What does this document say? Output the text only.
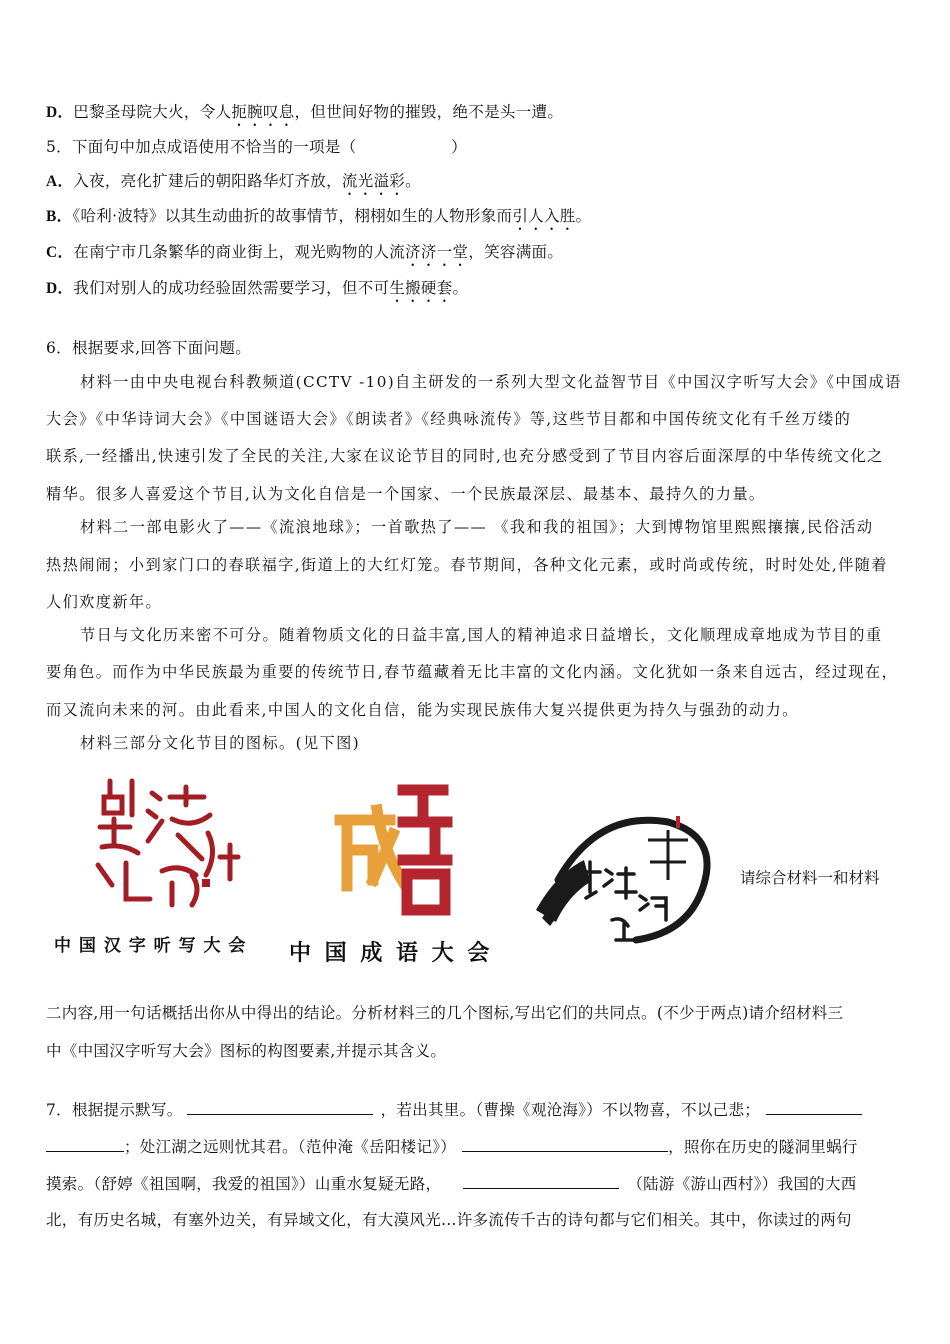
D．巴黎圣母院大火，令人扼腕叹息，但世间好物的摧毁，绝不是头一遭。
5．下面句中加点成语使用不恰当的一项是（　　　　　　）
A．入夜，亮化扩建后的朝阳路华灯齐放，流光溢彩。
B．《哈利·波特》以其生动曲折的故事情节，栩栩如生的人物形象而引人入胜。
C．在南宁市几条繁华的商业街上，观光购物的人流济济一堂，笑容满面。
D．我们对别人的成功经验固然需要学习，但不可生搬硬套。
6．根据要求,回答下面问题。
材料一由中央电视台科教频道(CCTV -10)自主研发的一系列大型文化益智节目《中国汉字听写大会》《中国成语
大会》《中华诗词大会》《中国谜语大会》《朗读者》《经典咏流传》等,这些节目都和中国传统文化有千丝万缕的
联系,一经播出,快速引发了全民的关注,大家在议论节目的同时,也充分感受到了节目内容后面深厚的中华传统文化之
精华。很多人喜爱这个节目,认为文化自信是一个国家、一个民族最深层、最基本、最持久的力量。
材料二一部电影火了——《流浪地球》；一首歌热了—— 《我和我的祖国》；大到博物馆里熙熙攘攘,民俗活动
热热闹闹；小到家门口的春联福字,街道上的大红灯笼。春节期间，各种文化元素，或时尚或传统，时时处处,伴随着
人们欢度新年。
节日与文化历来密不可分。随着物质文化的日益丰富,国人的精神追求日益增长，文化顺理成章地成为节目的重
要角色。而作为中华民族最为重要的传统节日,春节蕴藏着无比丰富的文化内涵。文化犹如一条来自远古，经过现在，
而又流向未来的河。由此看来,中国人的文化自信，能为实现民族伟大复兴提供更为持久与强劲的动力。
材料三部分文化节目的图标。(见下图)
中 国 汉 字 听 写 大 会 中 国 成 语 大 会
请综合材料一和材料
二内容,用一句话概括出你从中得出的结论。分析材料三的几个图标,写出它们的共同点。(不少于两点)请介绍材料三
中《中国汉字听写大会》图标的构图要素,并提示其含义。
7．根据提示默写。	，若出其里。（曹操《观沧海》）不以物喜，不以己悲；
；处江湖之远则忧其君。（范仲淹《岳阳楼记》）	，照你在历史的隧洞里蜗行
摸索。（舒婷《祖国啊，我爱的祖国》）山重水复疑无路，	（陆游《游山西村》）我国的大西
北，有历史名城，有塞外边关，有异域文化，有大漠风光…许多流传千古的诗句都与它们相关。其中，你读过的两句
